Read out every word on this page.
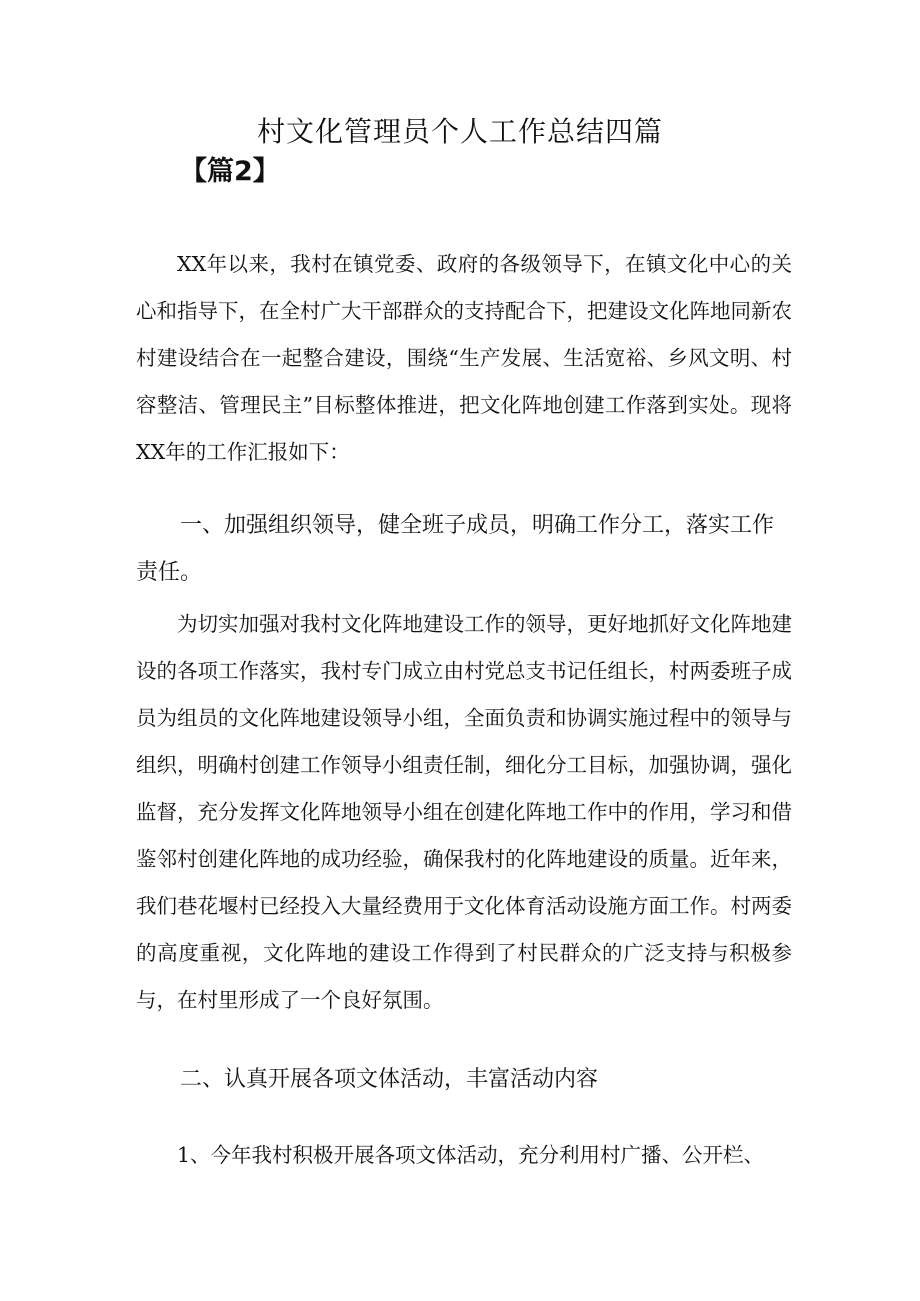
村文化管理员个人工作总结四篇
【篇2】

XX年以来，我村在镇党委、政府的各级领导下，在镇文化中心的关心和指导下，在全村广大干部群众的支持配合下，把建设文化阵地同新农村建设结合在一起整合建设，围绕“生产发展、生活宽裕、乡风文明、村容整洁、管理民主”目标整体推进，把文化阵地创建工作落到实处。现将XX年的工作汇报如下：

一、加强组织领导，健全班子成员，明确工作分工，落实工作责任。

为切实加强对我村文化阵地建设工作的领导，更好地抓好文化阵地建设的各项工作落实，我村专门成立由村党总支书记任组长，村两委班子成员为组员的文化阵地建设领导小组，全面负责和协调实施过程中的领导与组织，明确村创建工作领导小组责任制，细化分工目标，加强协调，强化监督，充分发挥文化阵地领导小组在创建化阵地工作中的作用，学习和借鉴邻村创建化阵地的成功经验，确保我村的化阵地建设的质量。近年来，我们巷花堰村已经投入大量经费用于文化体育活动设施方面工作。村两委的高度重视，文化阵地的建设工作得到了村民群众的广泛支持与积极参与，在村里形成了一个良好氛围。

二、认真开展各项文体活动，丰富活动内容

1、今年我村积极开展各项文体活动，充分利用村广播、公开栏、
